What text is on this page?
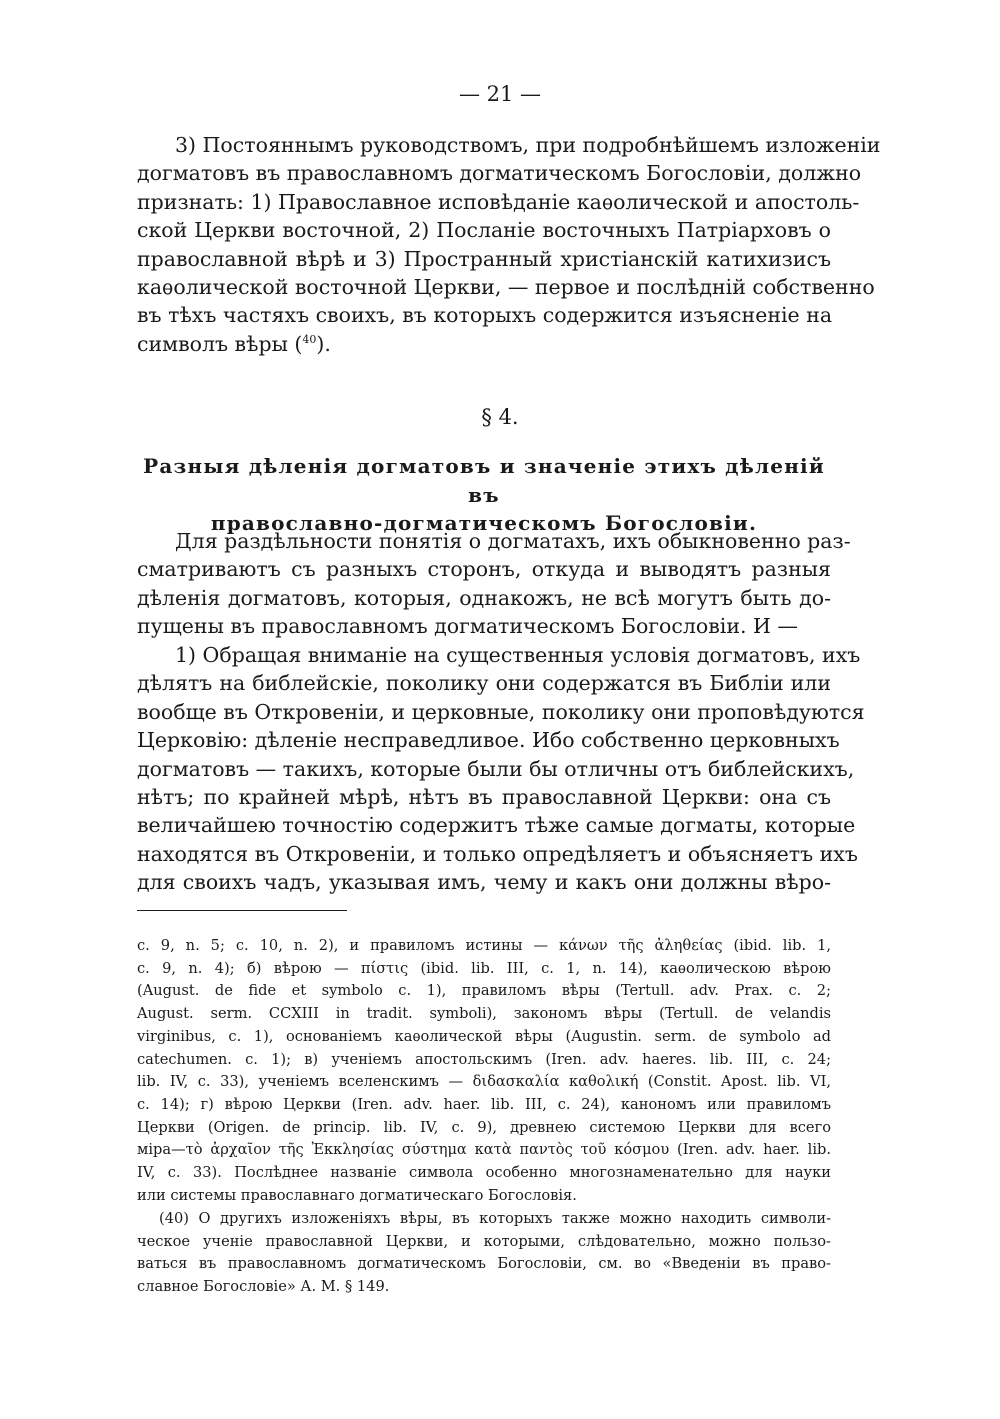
— 21 —

3) Постояннымъ руководствомъ, при подробнѣйшемъ изложеніи
догматовъ въ православномъ догматическомъ Богословіи, должно
признать: 1) Православное исповѣданіе каѳолической и апостоль-
ской Церкви восточной, 2) Посланіе восточныхъ Патріарховъ о
православной вѣрѣ и 3) Пространный христіанскій катихизисъ
каѳолической восточной Церкви, — первое и послѣдній собственно
въ тѣхъ частяхъ своихъ, въ которыхъ содержится изъясненіе на
символъ вѣры ($^{40}$).

§ 4.
Разныя дѣленія догматовъ и значеніе этихъ дѣленій въ
православно-догматическомъ Богословіи.

Для раздѣльности понятія о догматахъ, ихъ обыкновенно раз-
сматриваютъ съ разныхъ сторонъ, откуда и выводятъ разныя
дѣленія догматовъ, которыя, однакожъ, не всѣ могутъ быть до-
пущены въ православномъ догматическомъ Богословіи. И —

1) Обращая вниманіе на существенныя условія догматовъ, ихъ
дѣлятъ на библейскіе, поколику они содержатся въ Библіи или
вообще въ Откровеніи, и церковные, поколику они проповѣдуются
Церковію: дѣленіе несправедливое. Ибо собственно церковныхъ
догматовъ — такихъ, которые были бы отличны отъ библейскихъ,
нѣтъ; по крайней мѣрѣ, нѣтъ въ православной Церкви: она съ
величайшею точностію содержитъ тѣже самые догматы, которые
находятся въ Откровеніи, и только опредѣляетъ и объясняетъ ихъ
для своихъ чадъ, указывая имъ, чему и какъ они должны вѣро-

c. 9, n. 5; c. 10, n. 2), и правиломъ истины — κάνων τῆς ἀληθείας (ibid. lib. 1,
c. 9, n. 4); б) вѣрою — πίστις (ibid. lib. III, c. 1, n. 14), каѳолическою вѣрою
(August. de fide et symbolo c. 1), правиломъ вѣры (Tertull. adv. Prax. c. 2;
August. serm. CCXIII in tradit. symboli), закономъ вѣры (Tertull. de velandis
virginibus, c. 1), основаніемъ каѳолической вѣры (Augustin. serm. de symbolo ad
catechumen. c. 1); в) ученіемъ апостольскимъ (Iren. adv. haeres. lib. III, c. 24;
lib. IV, c. 33), ученіемъ вселенскимъ — διδασκαλία καθολική (Constit. Apost. lib. VI,
c. 14); г) вѣрою Церкви (Iren. adv. haer. lib. III, c. 24), канономъ или правиломъ
Церкви (Origen. de princip. lib. IV, c. 9), древнею системою Церкви для всего
міра—τὸ ἀρχαῖον τῆς Ἐκκλησίας σύστημα κατὰ παντὸς τοῦ κόσμου (Iren. adv. haer. lib.
IV, c. 33). Послѣднее названіе символа особенно многознаменательно для науки
или системы православнаго догматическаго Богословія.

(40) О другихъ изложеніяхъ вѣры, въ которыхъ также можно находить символи-
ческое ученіе православной Церкви, и которыми, слѣдовательно, можно пользо-
ваться въ православномъ догматическомъ Богословіи, см. во «Введеніи въ право-
славное Богословіе» А. М. § 149.
